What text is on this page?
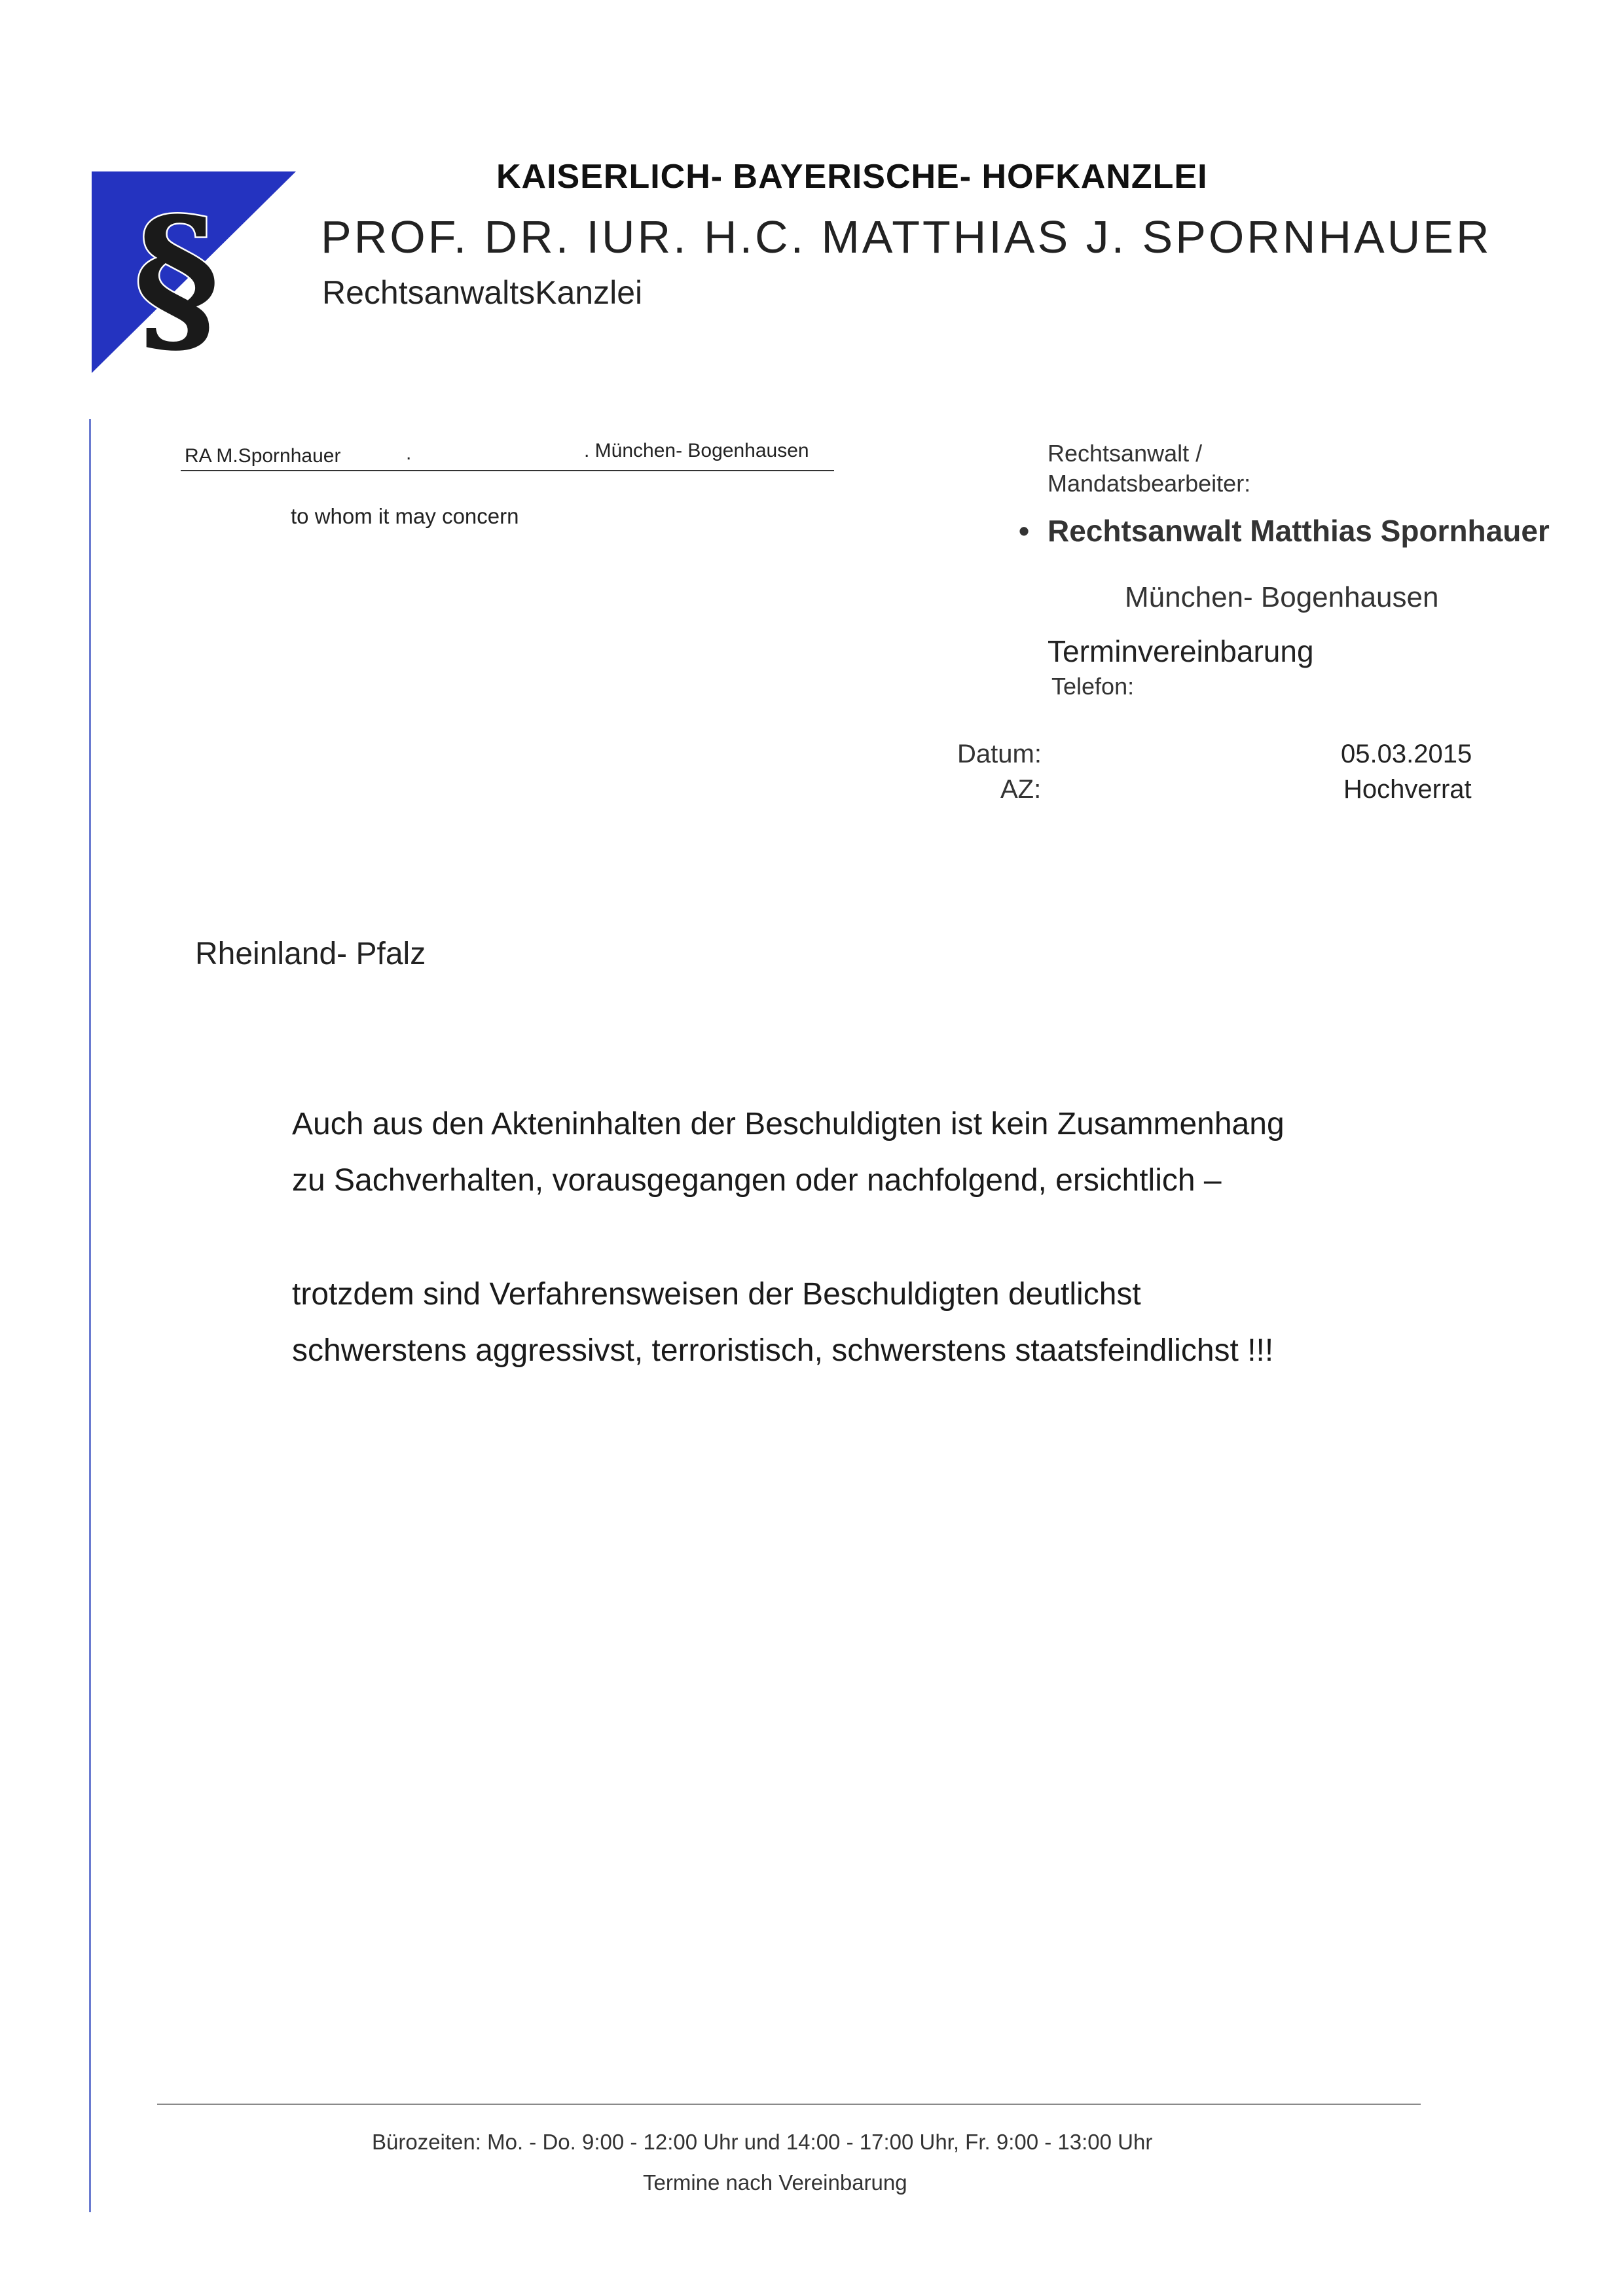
§
KAISERLICH- BAYERISCHE- HOFKANZLEI
PROF. DR. IUR. H.C. MATTHIAS J. SPORNHAUER
RechtsanwaltsKanzlei
RA M.Spornhauer	.	. München- Bogenhausen
to whom it may concern
Rechtsanwalt /
Mandatsbearbeiter:
• Rechtsanwalt Matthias Spornhauer
München- Bogenhausen
Terminvereinbarung
Telefon:
Datum:	05.03.2015
AZ:	Hochverrat
Rheinland- Pfalz
Auch aus den Akteninhalten der Beschuldigten ist kein Zusammenhang
zu Sachverhalten, vorausgegangen oder nachfolgend, ersichtlich –
trotzdem sind Verfahrensweisen der Beschuldigten deutlichst
schwerstens aggressivst, terroristisch, schwerstens staatsfeindlichst !!!
Bürozeiten: Mo. - Do. 9:00 - 12:00 Uhr und 14:00 - 17:00 Uhr, Fr. 9:00 - 13:00 Uhr
Termine nach Vereinbarung
